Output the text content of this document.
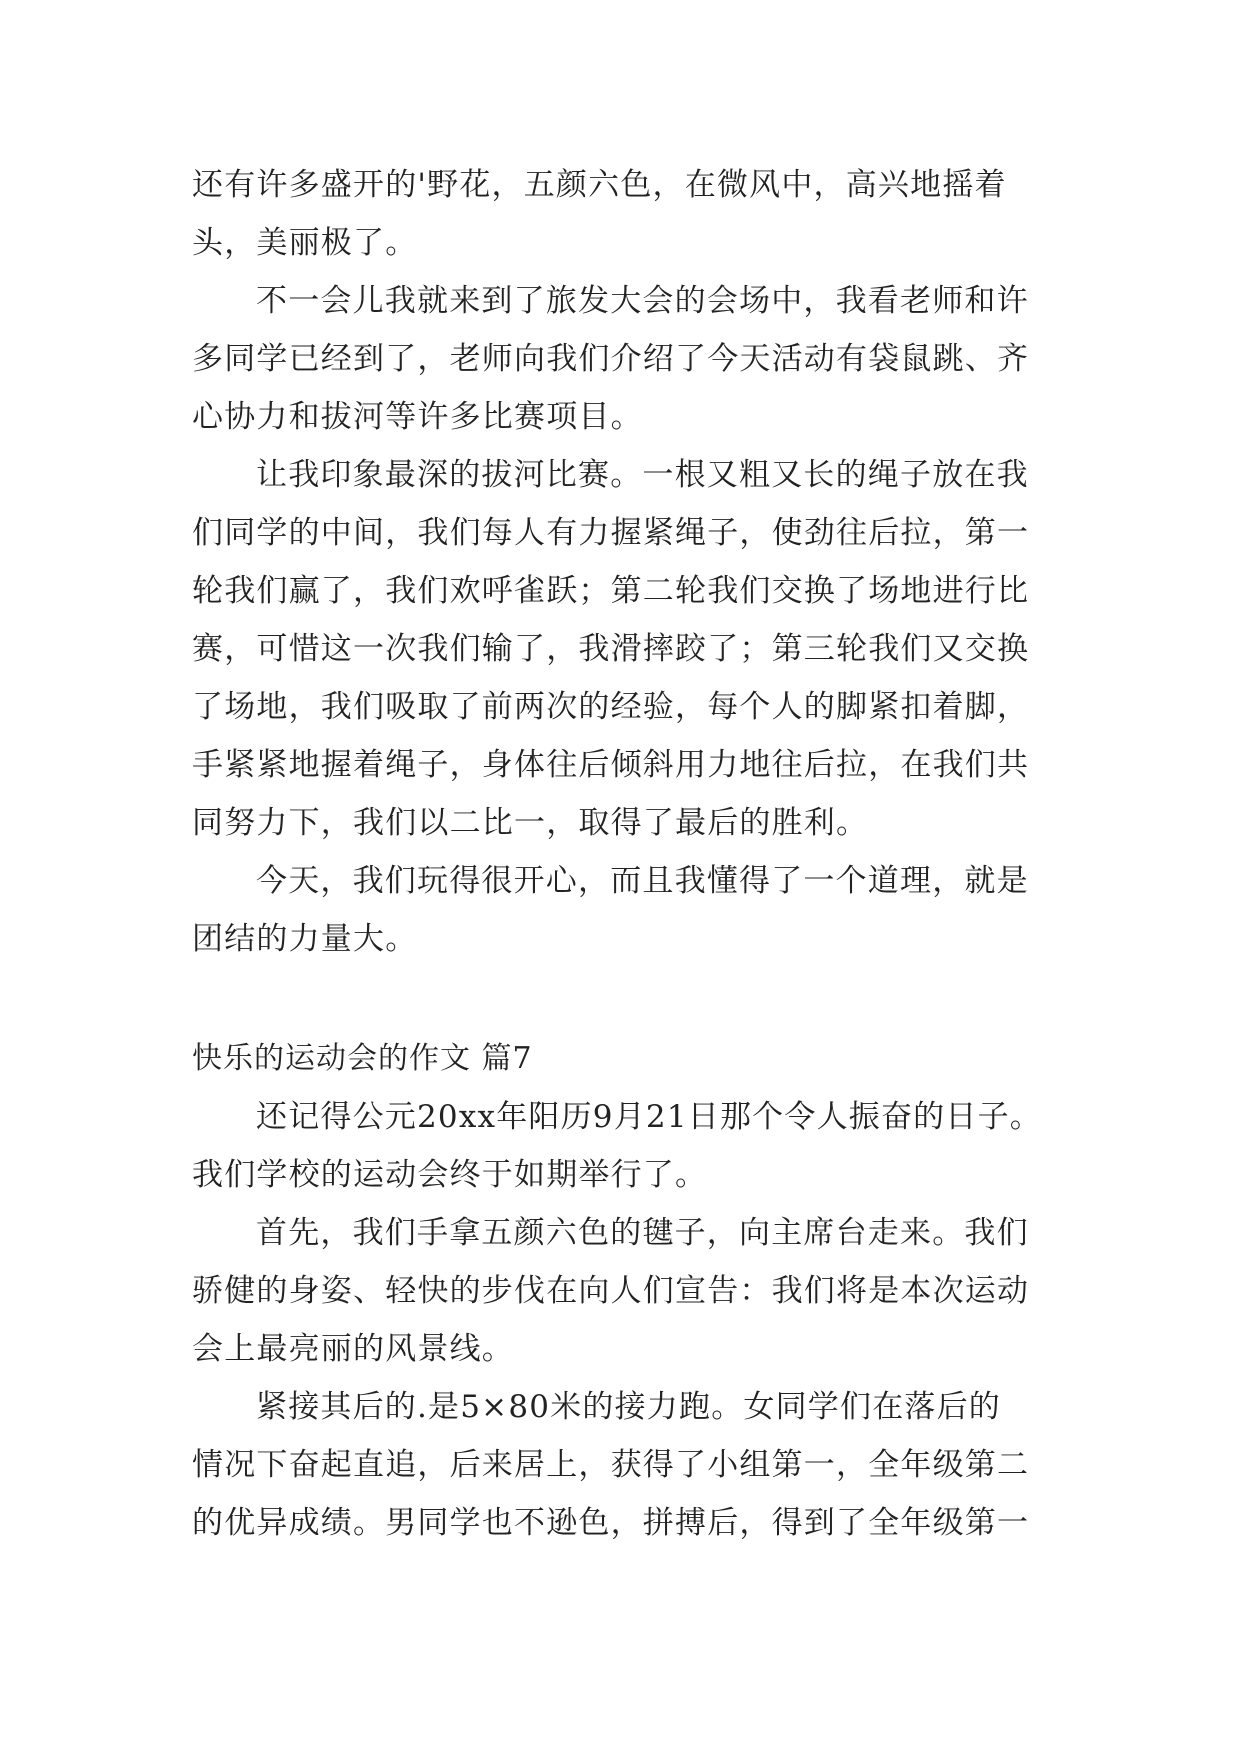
还有许多盛开的'野花，五颜六色，在微风中，高兴地摇着
头，美丽极了。

不一会儿我就来到了旅发大会的会场中，我看老师和许
多同学已经到了，老师向我们介绍了今天活动有袋鼠跳、齐
心协力和拔河等许多比赛项目。

让我印象最深的拔河比赛。一根又粗又长的绳子放在我
们同学的中间，我们每人有力握紧绳子，使劲往后拉，第一
轮我们赢了，我们欢呼雀跃；第二轮我们交换了场地进行比
赛，可惜这一次我们输了，我滑摔跤了；第三轮我们又交换
了场地，我们吸取了前两次的经验，每个人的脚紧扣着脚，
手紧紧地握着绳子，身体往后倾斜用力地往后拉，在我们共
同努力下，我们以二比一，取得了最后的胜利。

今天，我们玩得很开心，而且我懂得了一个道理，就是
团结的力量大。

快乐的运动会的作文 篇7

还记得公元20xx年阳历9月21日那个令人振奋的日子。
我们学校的运动会终于如期举行了。

首先，我们手拿五颜六色的毽子，向主席台走来。我们
骄健的身姿、轻快的步伐在向人们宣告：我们将是本次运动
会上最亮丽的风景线。

紧接其后的.是5×80米的接力跑。女同学们在落后的
情况下奋起直追，后来居上，获得了小组第一，全年级第二
的优异成绩。男同学也不逊色，拼搏后，得到了全年级第一
